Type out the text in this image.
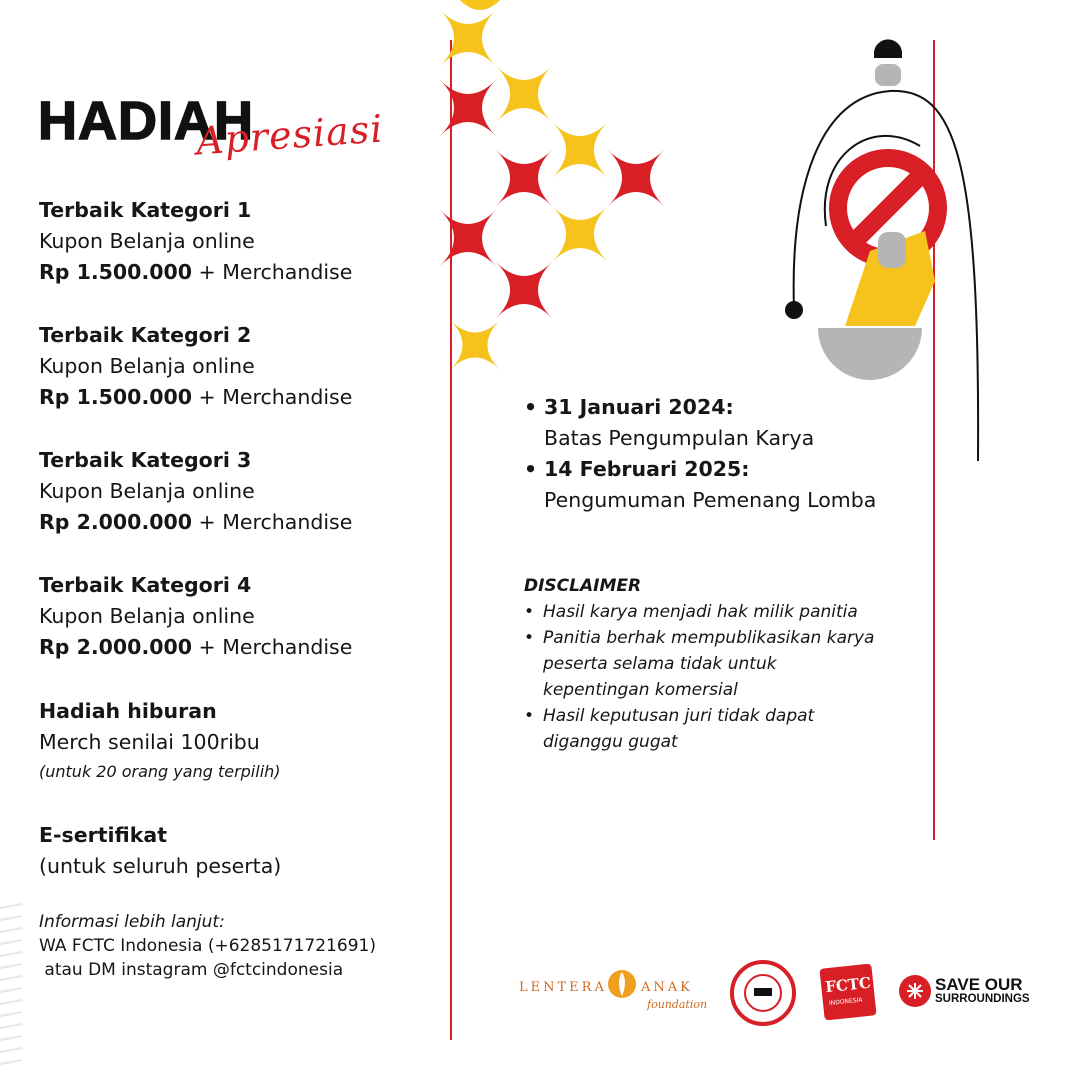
HADIAH
Apresiasi
Terbaik Kategori 1
Kupon Belanja online
Rp 1.500.000 + Merchandise
Terbaik Kategori 2
Kupon Belanja online
Rp 1.500.000 + Merchandise
Terbaik Kategori 3
Kupon Belanja online
Rp 2.000.000 + Merchandise
Terbaik Kategori 4
Kupon Belanja online
Rp 2.000.000 + Merchandise
Hadiah hiburan
Merch senilai 100ribu
(untuk 20 orang yang terpilih)
E-sertifikat
(untuk seluruh peserta)
Informasi lebih lanjut:
WA FCTC Indonesia (+6285171721691)
atau DM instagram @fctcindonesia
• 31 Januari 2024:
Batas Pengumpulan Karya
• 14 Februari 2025:
Pengumuman Pemenang Lomba
DISCLAIMER
• Hasil karya menjadi hak milik panitia
• Panitia berhak mempublikasikan karya peserta selama tidak untuk kepentingan komersial
• Hasil keputusan juri tidak dapat diganggu gugat
LENTERA	ANAK
foundation
KOMNAS PENGENDALIAN TEMBAKAU
FCTC
INDONESIA
SAVE OUR
SURROUNDINGS
